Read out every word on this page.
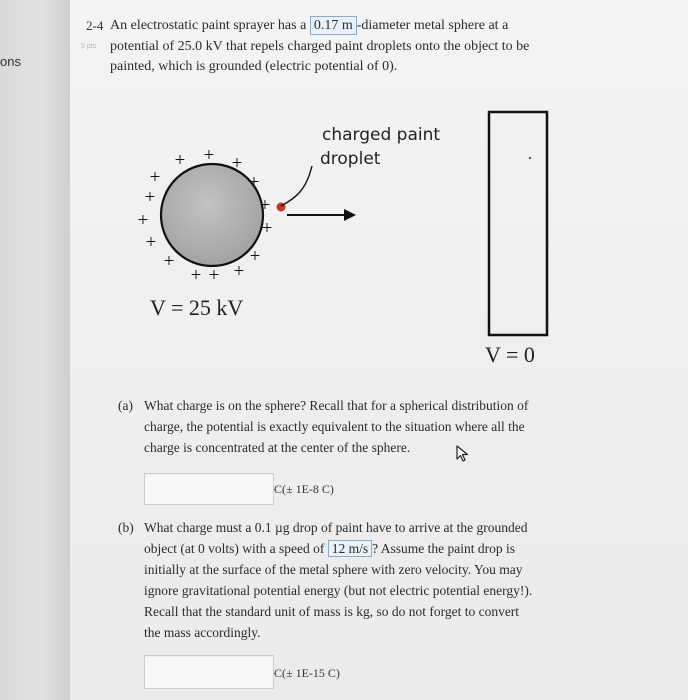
ons
2-4
5 pts
An electrostatic paint sprayer has a 0.17 m -diameter metal sphere at a
potential of 25.0 kV that repels charged paint droplets onto the object to be
painted, which is grounded (electric potential of 0).
+ + +
+	+
+	+
+	+
+
+
+	+
+ +
charged paint
droplet
V = 25 kV
V = 0
(a) What charge is on the sphere? Recall that for a spherical distribution of
charge, the potential is exactly equivalent to the situation where all the
charge is concentrated at the center of the sphere.
C(± 1E-8 C)
(b) What charge must a 0.1 µg drop of paint have to arrive at the grounded
object (at 0 volts) with a speed of 12 m/s ? Assume the paint drop is
initially at the surface of the metal sphere with zero velocity. You may
ignore gravitational potential energy (but not electric potential energy!).
Recall that the standard unit of mass is kg, so do not forget to convert
the mass accordingly.
C(± 1E-15 C)
